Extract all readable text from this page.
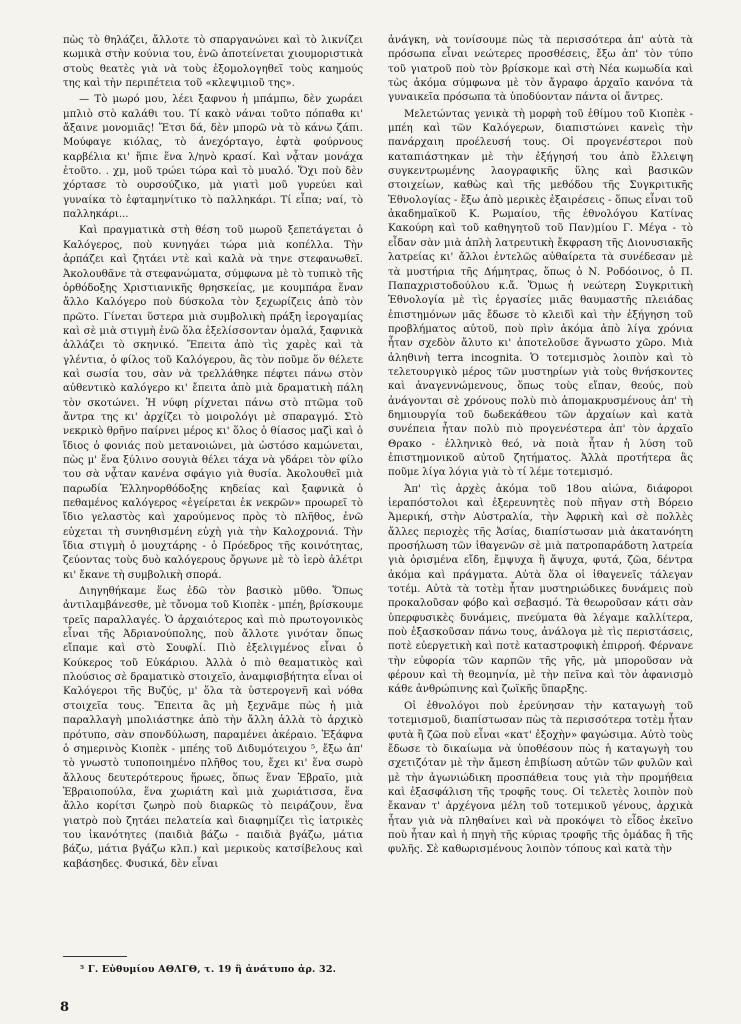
πὼς τὸ θηλάζει, ἄλλοτε τὸ σπαργανώνει καὶ τὸ λικνίζει κωμικὰ στὴν κούνια του, ἐνῶ ἀποτείνεται χιουμοριστικὰ στοὺς θεατὲς γιὰ νὰ τοὺς ἐξομολογηθεῖ τοὺς καημούς της καὶ τὴν περιπέτεια τοῦ «κλεψιμιοῦ της».

— Τὸ μωρό μου, λέει ξαφνου ἡ μπάμπω, δὲν χωράει μπλιὸ στὸ καλάθι του. Τί κακὸ νάναι τοῦτο πόπαθα κι' ἄξαινε μονομιᾶς! Ἔτσι δά, δὲν μπορῶ νὰ τὸ κάνω ζάπι. Μούφαγε κιόλας, τὸ ἀνεχόρταγο, ἑφτὰ φούρνους καρβέλια κι' ἥπιε ἕνα λ/ηνὸ κρασί. Καὶ νᾆταν μονάχα ἐτοῦτο. . χμ, μοῦ τρώει τώρα καὶ τὸ μυαλό. Ὅχι ποὺ δὲν χόρτασε τὸ ουρσούζικο, μὰ γιατὶ μοῦ γυρεύει καὶ γυναίκα τὸ ἑφταμηνίτικο τὸ παλληκάρι. Τί εἶπα; ναί, τὸ παλληκάρι...

Καὶ πραγματικὰ στὴ θέση τοῦ μωροῦ ξεπετάγεται ὁ Καλόγερος, ποὺ κυνηγάει τώρα μιὰ κοπέλλα. Τὴν ἁρπάζει καὶ ζητάει ντὲ καὶ καλὰ νὰ τηνε στεφανωθεῖ. Ἀκολουθᾶνε τὰ στεφανώματα, σύμφωνα μὲ τὸ τυπικὸ τῆς ὀρθόδοξης Χριστιανικῆς θρησκείας, με κουμπάρα ἕναν ἄλλο Καλόγερο ποὺ δύσκολα τὸν ξεχωρίζεις ἀπὸ τὸν πρῶτο. Γίνεται ὕστερα μιὰ συμβολικὴ πράξη ἱερογαμίας καὶ σὲ μιὰ στιγμὴ ἐνῶ ὅλα ἐξελίσσονταν ὁμαλά, ξαφνικὰ ἀλλάζει τὸ σκηνικό. Ἔπειτα ἀπὸ τὶς χαρὲς καὶ τὰ γλέντια, ὁ φίλος τοῦ Καλόγερου, ἂς τὸν ποῦμε ὅν θέλετε καὶ σωσία του, σὰν νὰ τρελλάθηκε πέφτει πάνω στὸν αὐθεντικὸ καλόγερο κι' ἔπειτα ἀπὸ μιὰ δραματικὴ πάλη τὸν σκοτώνει. Ἡ νύφη ρίχνεται πάνω στὸ πτῶμα τοῦ ἄντρα της κι' ἀρχίζει τὸ μοιρολόγι μὲ σπαραγμό. Στὸ νεκρικὸ θρῆνο παίρνει μέρος κι' ὅλος ὁ θίασος μαζὶ καὶ ὁ ἴδιος ὁ φονιάς ποὺ μετανοιώνει, μὰ ὡστόσο καμώνεται, πὼς μ' ἕνα ξύλινο σουγιὰ θέλει τάχα νὰ γδάρει τὸν φίλο του σὰ νᾆταν κανένα σφάγιο γιὰ θυσία. Ἀκολουθεῖ μιὰ παρωδία Ἑλληνορθόδοξης κηδείας καὶ ξαφνικὰ ὁ πεθαμένος καλόγερος «ἐγείρεται ἐκ νεκρῶν» προωρεῖ τὸ ἴδιο γελαστὸς καὶ χαρούμενος πρὸς τὸ πλῆθος, ἐνῶ εὐχεται τὴ συνηθισμένη εὐχὴ γιὰ τὴν Καλοχρονιά. Τὴν ἴδια στιγμὴ ὁ μουχτάρης - ὁ Πρόεδρος τῆς κοινότητας, ζεύοντας τοὺς δυὸ καλόγερους ὄργωνε μὲ τὸ ἱερὸ ἀλέτρι κι' ἔκανε τὴ συμβολικὴ σπορά.

Διηγηθήκαμε ἕως ἐδῶ τὸν βασικὸ μῦθο. Ὅπως ἀντιλαμβάνεσθε, μὲ τὄνομα τοῦ Κιοπὲκ - μπέη, βρίσκουμε τρεῖς παραλλαγές. Ὁ ἀρχαιότερος καὶ πιὸ πρωτογονικὸς εἶναι τῆς Ἀδριανούπολης, ποὺ ἄλλοτε γινόταν ὅπως εἴπαμε καὶ στὸ Σουφλί. Πιὸ ἐξελιγμένος εἶναι ὁ Κούκερος τοῦ Εὐκάριου. Ἀλλὰ ὁ πιὸ θεαματικὸς καὶ πλούσιος σὲ δραματικὸ στοιχεῖο, ἀναμφισβήτητα εἶναι οἱ Καλόγεροι τῆς Βυζύς, μ' ὅλα τὰ ὑστερογενῆ καὶ νόθα στοιχεῖα τους. Ἔπειτα ἂς μὴ ξεχνᾶμε πὼς ἡ μιὰ παραλλαγὴ μπολιάστηκε ἀπὸ τὴν ἄλλη ἀλλὰ τὸ ἀρχικὸ πρότυπο, σὰν σπονδύλωση, παραμένει ἀκέραιο. Ἐξάφνα ὁ σημερινὸς Κιοπὲκ - μπέης τοῦ Διδυμότειχου ⁵, ἔξω ἀπ' τὸ γνωστὸ τυποποιημένο πλῆθος του, ἔχει κι' ἕνα σωρὸ ἄλλους δευτερότερους ἥρωες, ὅπως ἕναν Ἑβραῖο, μιὰ Ἑβραιοπούλα, ἕνα χωριάτη καὶ μιὰ χωριάτισσα, ἕνα ἄλλο κορίτσι ζωηρὸ ποὺ διαρκῶς τὸ πειράζουν, ἕνα γιατρὸ ποὺ ζητάει πελατεία καὶ διαφημίζει τὶς ἰατρικὲς του ἱκανότητες (παιδιὰ βάζω - παιδιὰ βγάζω, μάτια βάζω, μάτια βγάζω κλπ.) καὶ μερικοὺς κατσίβελους καὶ καβάσηδες. Φυσικά, δὲν εἶναι

ἀνάγκη, νὰ τονίσουμε πὼς τὰ περισσότερα ἀπ' αὐτὰ τὰ πρόσωπα εἶναι νεώτερες προσθέσεις, ἔξω ἀπ' τὸν τύπο τοῦ γιατροῦ ποὺ τὸν βρίσκομε καὶ στὴ Νέα κωμωδία καὶ τὼς ἀκόμα σύμφωνα μὲ τὸν ἄγραφο ἀρχαῖο κανόνα τὰ γυναικεῖα πρόσωπα τὰ ὑποδύονταν πάντα οἱ ἄντρες.

Μελετώντας γενικὰ τὴ μορφὴ τοῦ ἐθίμου τοῦ Κιοπὲκ - μπέη καὶ τῶν Καλόγερων, διαπιστώνει κανεὶς τὴν πανάρχαιη προέλευσή τους. Οἱ προγενέστεροι ποὺ καταπιάστηκαν μὲ τὴν ἐξήγησή του ἀπὸ ἔλλειψη συγκεντρωμένης λαογραφικῆς ὕλης καὶ βασικῶν στοιχείων, καθὼς καὶ τῆς μεθόδου τῆς Συγκριτικῆς Ἐθνολογίας - ἔξω ἀπὸ μερικὲς ἐξαιρέσεις - ὅπως εἶναι τοῦ ἀκαδημαϊκοῦ Κ. Ρωμαίου, τῆς ἐθνολόγου Κατίνας Κακούρη καὶ τοῦ καθηγητοῦ τοῦ Παν)μίου Γ. Μέγα - τὸ εἶδαν σὰν μιὰ ἁπλὴ λατρευτικὴ ἔκφραση τῆς Διονυσιακῆς λατρείας κι' ἄλλοι ἐντελῶς αὐθαίρετα τὰ συνέδεσαν μὲ τὰ μυστήρια τῆς Δήμητρας, ὅπως ὁ Ν. Ροδόοινος, ὁ Π. Παπαχριστοδούλου κ.ἄ. Ὅμως ἡ νεώτερη Συγκριτικὴ Ἐθνολογία μὲ τὶς ἐργασίες μιᾶς θαυμαστῆς πλειάδας ἐπιστημόνων μᾶς ἔδωσε τὸ κλειδὶ καὶ τὴν ἐξήγηση τοῦ προβλήματος αὐτοῦ, ποὺ πρὶν ἀκόμα ἀπὸ λίγα χρόνια ἦταν σχεδὸν ἄλυτο κι' ἀποτελοῦσε ἄγνωστο χῶρο. Μιὰ ἀληθινὴ terra incognita. Ὁ τοτεμισμὸς λοιπὸν καὶ τὸ τελετουργικὸ μέρος τῶν μυστηρίων γιὰ τοὺς θνήσκοντες καὶ ἀναγεννώμενους, ὅπως τοὺς εἴπαν, θεούς, ποὺ ἀνάγονται σὲ χρόνους πολὺ πιὸ ἀπομακρυσμένους ἀπ' τὴ δημιουργία τοῦ δωδεκάθεου τῶν ἀρχαίων καὶ κατὰ συνέπεια ἦταν πολὺ πιὸ προγενέστερα ἀπ' τὸν ἀρχαῖο Θρακο - ἑλληνικὸ θεό, νὰ ποιὰ ἦταν ἡ λύση τοῦ ἐπιστημονικοῦ αὐτοῦ ζητήματος. Ἀλλὰ προτήτερα ἂς ποῦμε λίγα λόγια γιὰ τὸ τί λέμε τοτεμισμό.

Ἀπ' τὶς ἀρχὲς ἀκόμα τοῦ 18ου αἰώνα, διάφοροι ἱεραπόστολοι καὶ ἐξερευνητὲς ποὺ πῆγαν στὴ Βόρειο Ἀμερική, στὴν Αὐστραλία, τὴν Ἀφρικὴ καὶ σὲ πολλὲς ἄλλες περιοχὲς τῆς Ἀσίας, διαπίστωσαν μιὰ ἀκατανόητη προσήλωση τῶν ἰθαγενῶν σὲ μιὰ πατροπαράδοτη λατρεία γιὰ ὁρισμένα εἴδη, ἔμψυχα ἢ ἄψυχα, φυτά, ζῶα, δέντρα ἀκόμα καὶ πράγματα. Αὐτὰ ὅλα οἱ ἰθαγενεῖς τάλεγαν τοτέμ. Αὐτὰ τὰ τοτὲμ ἦταν μυστηριώδικες δυνάμεις ποὺ προκαλοῦσαν φόβο καὶ σεβασμό. Τὰ θεωροῦσαν κάτι σὰν ὑπερφυσικὲς δυνάμεις, πνεύματα θὰ λέγαμε καλλίτερα, ποὺ ἐξασκοῦσαν πάνω τους, ἀνάλογα μὲ τὶς περιστάσεις, ποτὲ εὐεργετικὴ καὶ ποτὲ καταστροφικὴ ἐπιρροή. Φέρνανε τὴν εὐφορία τῶν καρπῶν τῆς γῆς, μὰ μποροῦσαν νὰ φέρουν καὶ τὴ θεομηνία, μὲ τὴν πεῖνα καὶ τὸν ἀφανισμὸ κάθε ἀνθρώπινης καὶ ζωϊκῆς ὕπαρξης.

Οἱ ἐθνολόγοι ποὺ ἐρεύνησαν τὴν καταγωγὴ τοῦ τοτεμισμοῦ, διαπίστωσαν πὼς τὰ περισσότερα τοτὲμ ἦταν φυτὰ ἢ ζῶα ποὺ εἶναι «κατ' ἐξοχὴν» φαγώσιμα. Αὐτὸ τοὺς ἔδωσε τὸ δικαίωμα νὰ ὑποθέσουν πὼς ἡ καταγωγὴ του σχετιζόταν μὲ τὴν ἄμεση ἐπιβίωση αὐτῶν τῶν φυλῶν καὶ μὲ τὴν ἀγωνιώδικη προσπάθεια τους γιὰ τὴν προμήθεια καὶ ἐξασφάλιση τῆς τροφῆς τους. Οἱ τελετὲς λοιπὸν ποὺ ἔκαναν τ' ἀρχέγονα μέλη τοῦ τοτεμικοῦ γένους, ἀρχικὰ ἦταν γιὰ νὰ πληθαίνει καὶ νὰ προκόψει τὸ εἶδος ἐκεῖνο ποὺ ἦταν καὶ ἡ πηγὴ τῆς κύριας τροφῆς τῆς ὁμάδας ἢ τῆς φυλῆς. Σὲ καθωρισμένους λοιπὸν τόπους καὶ κατὰ τὴν

⁵ Γ. Εὐθυμίου ΑΘΛΓΘ, τ. 19 ἢ ἀνάτυπο ἀρ. 32.
8
